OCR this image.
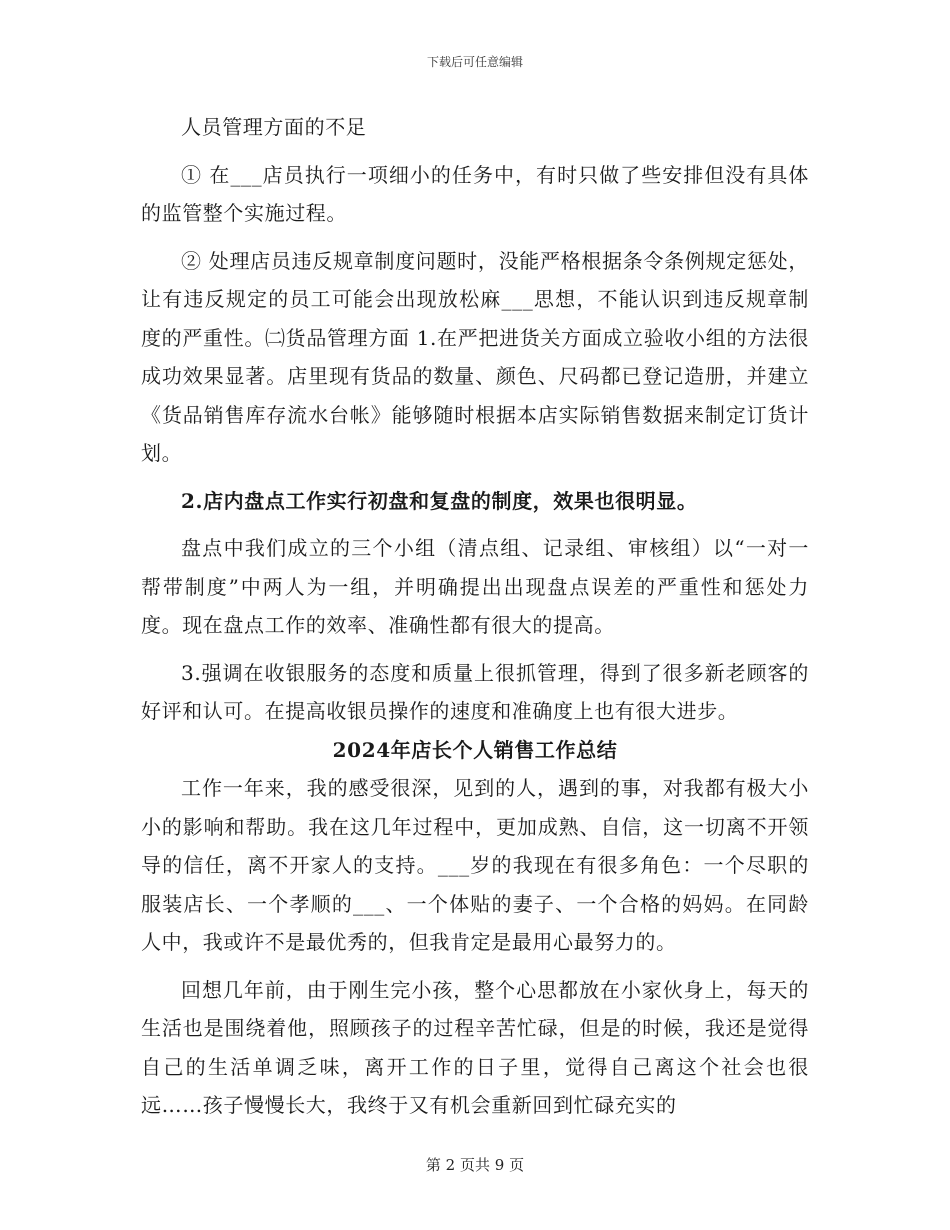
下载后可任意编辑

人员管理方面的不足

① 在___店员执行一项细小的任务中，有时只做了些安排但没有具体的监管整个实施过程。

② 处理店员违反规章制度问题时，没能严格根据条令条例规定惩处，让有违反规定的员工可能会出现放松麻___思想，不能认识到违反规章制度的严重性。㈡货品管理方面 1.在严把进货关方面成立验收小组的方法很成功效果显著。店里现有货品的数量、颜色、尺码都已登记造册，并建立《货品销售库存流水台帐》能够随时根据本店实际销售数据来制定订货计划。

2.店内盘点工作实行初盘和复盘的制度，效果也很明显。

盘点中我们成立的三个小组（清点组、记录组、审核组）以“一对一帮带制度”中两人为一组，并明确提出出现盘点误差的严重性和惩处力度。现在盘点工作的效率、准确性都有很大的提高。

3.强调在收银服务的态度和质量上很抓管理，得到了很多新老顾客的好评和认可。在提高收银员操作的速度和准确度上也有很大进步。

2024年店长个人销售工作总结

工作一年来，我的感受很深，见到的人，遇到的事，对我都有极大小小的影响和帮助。我在这几年过程中，更加成熟、自信，这一切离不开领导的信任，离不开家人的支持。___岁的我现在有很多角色：一个尽职的服装店长、一个孝顺的___、一个体贴的妻子、一个合格的妈妈。在同龄人中，我或许不是最优秀的，但我肯定是最用心最努力的。

回想几年前，由于刚生完小孩，整个心思都放在小家伙身上，每天的生活也是围绕着他，照顾孩子的过程辛苦忙碌，但是的时候，我还是觉得自己的生活单调乏味，离开工作的日子里，觉得自己离这个社会也很远……孩子慢慢长大，我终于又有机会重新回到忙碌充实的

第 2 页共 9 页
